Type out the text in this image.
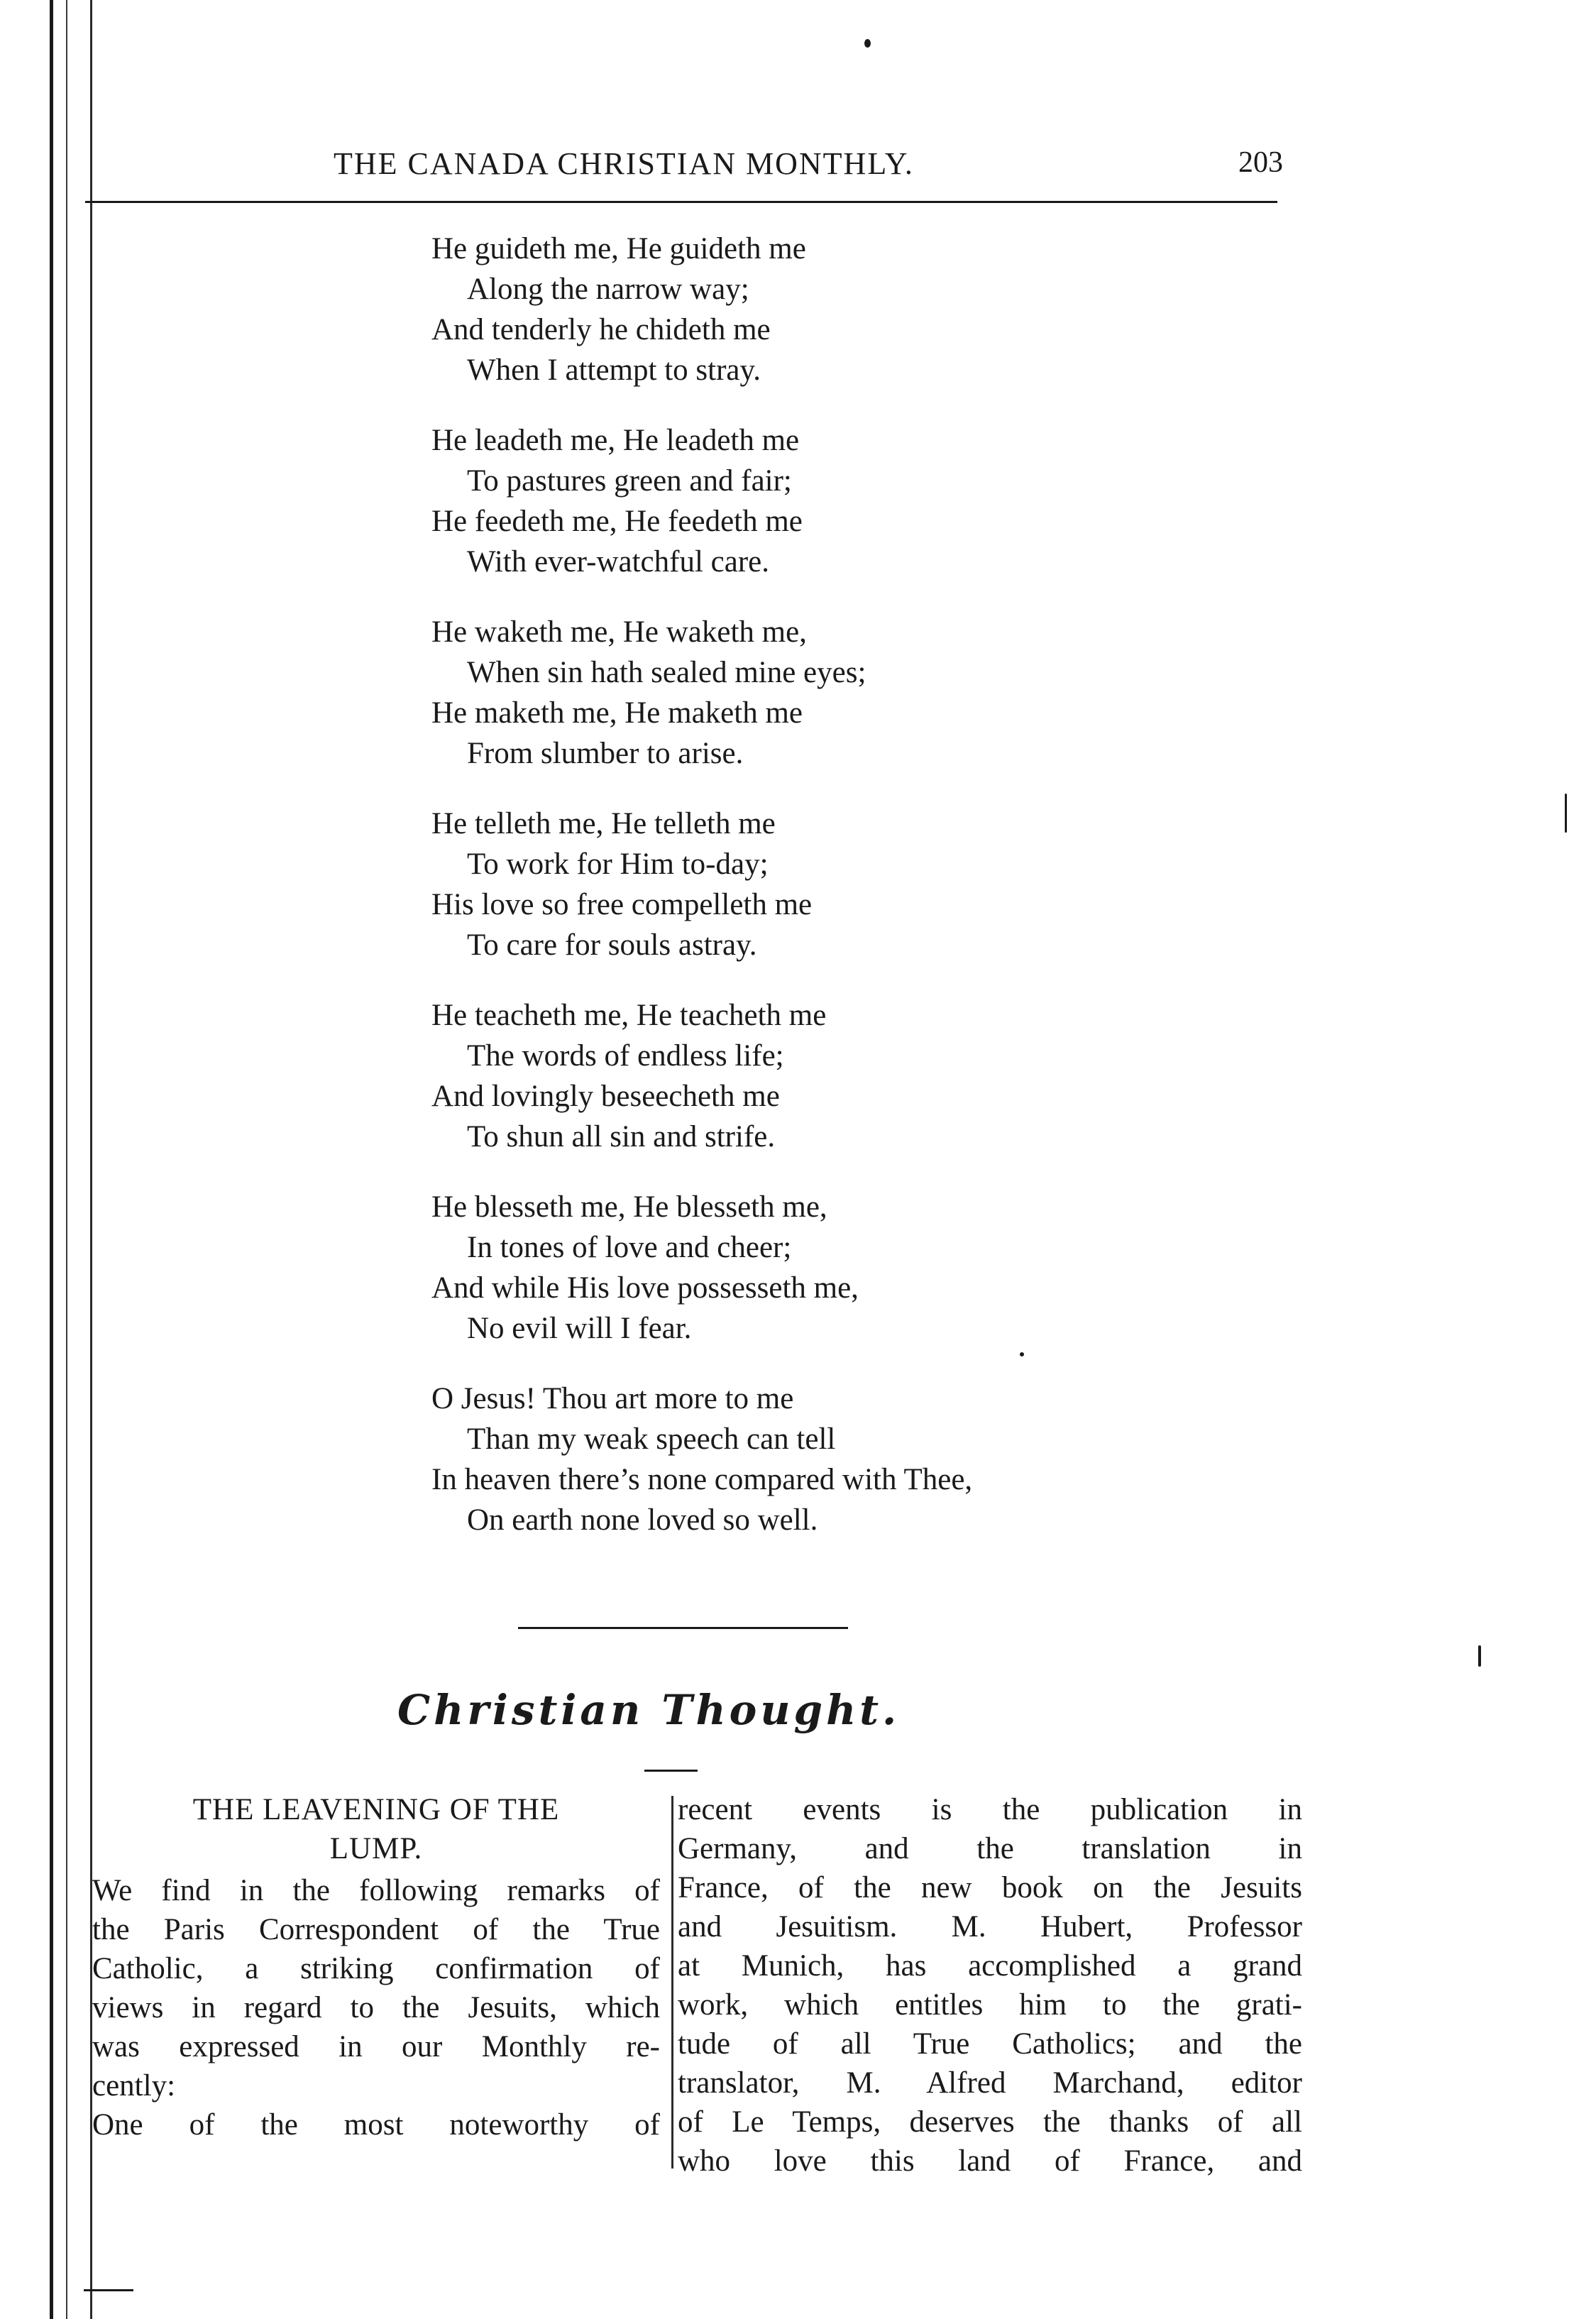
THE CANADA CHRISTIAN MONTHLY.	203
He guideth me, He guideth me
Along the narrow way;
And tenderly he chideth me
When I attempt to stray.
He leadeth me, He leadeth me
To pastures green and fair;
He feedeth me, He feedeth me
With ever-watchful care.
He waketh me, He waketh me,
When sin hath sealed mine eyes;
He maketh me, He maketh me
From slumber to arise.
He telleth me, He telleth me
To work for Him to-day;
His love so free compelleth me
To care for souls astray.
He teacheth me, He teacheth me
The words of endless life;
And lovingly beseecheth me
To shun all sin and strife.
He blesseth me, He blesseth me,
In tones of love and cheer;
And while His love possesseth me,
No evil will I fear.
O Jesus! Thou art more to me
Than my weak speech can tell
In heaven there’s none compared with Thee,
On earth none loved so well.
Christian Thought.
THE LEAVENING OF THE
LUMP.
We find in the following remarks of
the Paris Correspondent of the True
Catholic, a striking confirmation of
views in regard to the Jesuits, which
was expressed in our Monthly re-
cently:
One of the most noteworthy of
recent events is the publication in
Germany, and the translation in
France, of the new book on the Jesuits
and Jesuitism. M. Hubert, Professor
at Munich, has accomplished a grand
work, which entitles him to the grati-
tude of all True Catholics; and the
translator, M. Alfred Marchand, editor
of Le Temps, deserves the thanks of all
who love this land of France, and
